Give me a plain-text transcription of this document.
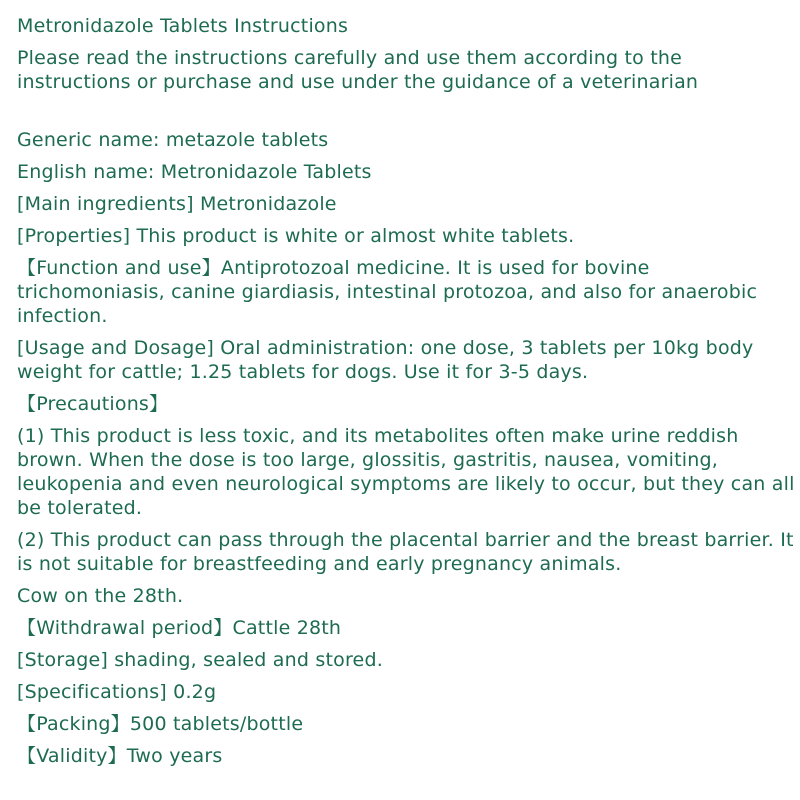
Metronidazole Tablets Instructions

Please read the instructions carefully and use them according to the instructions or purchase and use under the guidance of a veterinarian

Generic name: metazole tablets

English name: Metronidazole Tablets

[Main ingredients] Metronidazole

[Properties] This product is white or almost white tablets.

【Function and use】Antiprotozoal medicine. It is used for bovine trichomoniasis, canine giardiasis, intestinal protozoa, and also for anaerobic infection.

[Usage and Dosage] Oral administration: one dose, 3 tablets per 10kg body weight for cattle; 1.25 tablets for dogs. Use it for 3-5 days.

【Precautions】

(1) This product is less toxic, and its metabolites often make urine reddish brown. When the dose is too large, glossitis, gastritis, nausea, vomiting, leukopenia and even neurological symptoms are likely to occur, but they can all be tolerated.

(2) This product can pass through the placental barrier and the breast barrier. It is not suitable for breastfeeding and early pregnancy animals.

Cow on the 28th.

【Withdrawal period】Cattle 28th

[Storage] shading, sealed and stored.

[Specifications] 0.2g

【Packing】500 tablets/bottle

【Validity】Two years
